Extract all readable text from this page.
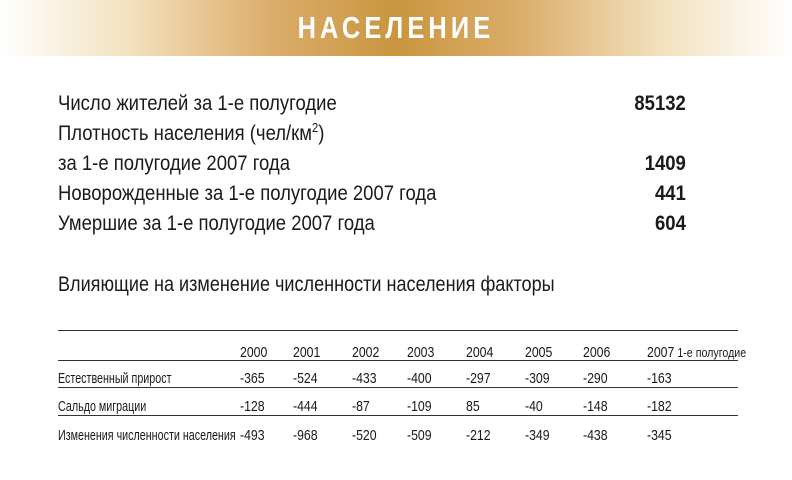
НАСЕЛЕНИЕ
Число жителей за 1-е полугодие	85132
Плотность населения $(чел/км^2)$
за 1-е полугодие 2007 года	1409
Новорожденные за 1-е полугодие 2007 года	441
Умершие за 1-е полугодие 2007 года	604
Влияющие на изменение численности населения факторы
2000 2001 2002 2003 2004 2005 2006 2007 1-е полугодие
Естественный прирост	-365 -524 -433 -400 -297 -309 -290	-163
Сальдо миграции	-128 -444 -87 -109 85	-40	-148	-182
Изменения численности населения -493 -968 -520 -509 -212 -349 -438	-345
